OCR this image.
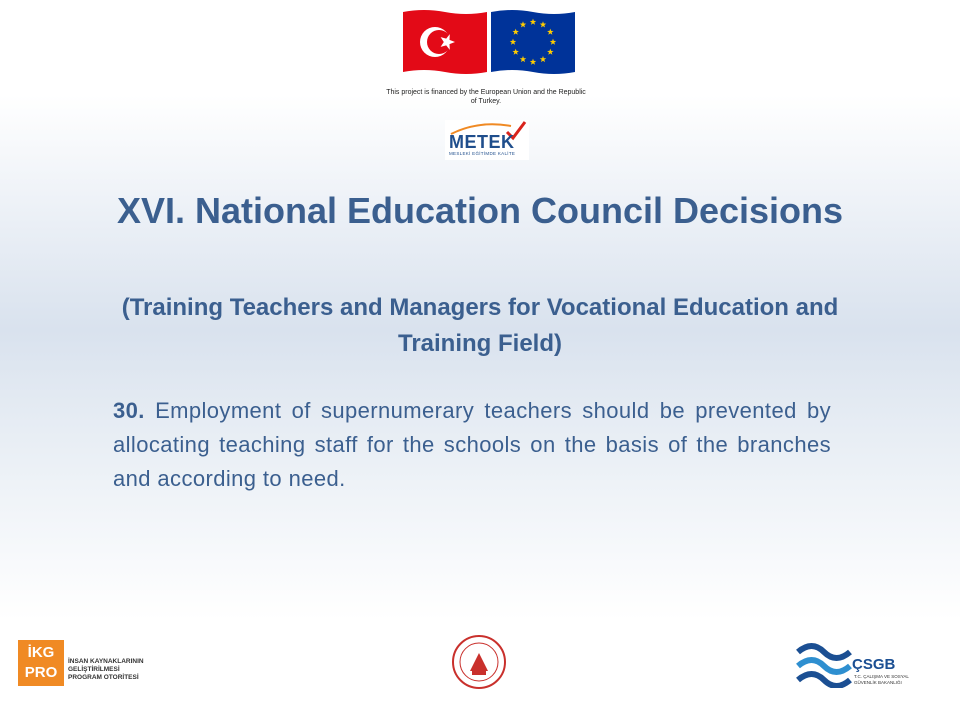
This project is financed by the European Union and the Republic of Turkey.
METEK
MESLEKİ EĞİTİMDE KALİTE
XVI. National Education Council Decisions
(Training Teachers and Managers for Vocational Education and Training Field)
30. Employment of supernumerary teachers should be prevented by allocating teaching staff for the schools on the basis of the branches and according to need.
İKG
PRO
İNSAN KAYNAKLARININ GELİŞTİRİLMESİ PROGRAM OTORİTESİ
ÇSGB
T.C. ÇALIŞMA VE SOSYAL GÜVENLİK BAKANLIĞI
